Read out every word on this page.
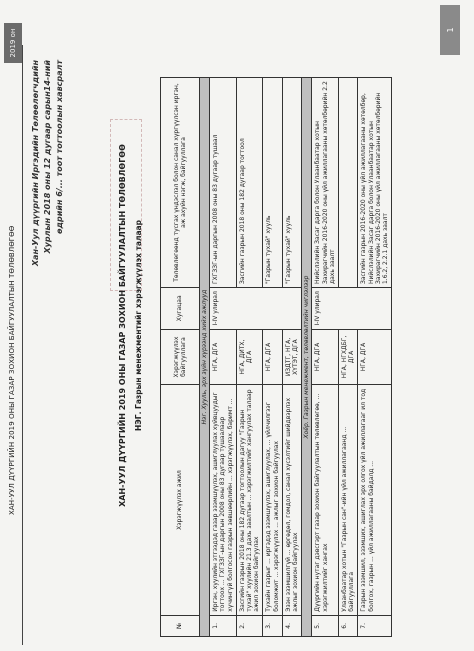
ХАН-УУЛ ДҮҮРГИЙН 2019 ОНЫ ГАЗАР ЗОХИОН БАЙГУУЛАЛТЫН ТӨЛӨВЛӨГӨӨ
2019 он
Хан-Уул дүүргийн Иргэдийн Төлөөлөгчдийн Хурлын 2018 оны 12 дугаар сарын14-ний өдрийн 6/... тоот тогтоолын хавсралт	ХАН-УУЛ ДҮҮРГИЙН 2019 ОНЫ ГАЗАР ЗОХИОН БАЙГУУЛАЛТЫН ТӨЛӨВЛӨГӨӨ НЭГ. Газрын менежментийг хэрэгжүүлэх талаар
№	Хэрэгжүүлэх ажил	Хэрэгжүүлэх байгууллага	Хугацаа	Төлөвлөгөөнд тусгах үндэслэл болон санал хүргүүлсэн иргэн, аж ахуйн нэгж, байгууллага
Нэг. Хууль, эрх зүйн хүрээнд хийх ажлууд				
1.	Иргэн, хуулийн этгээдэд газар эзэмшүүлэх, ашиглуулах хуйвцуудыг тогтоох ... ГХГЗЗГ-ын даргын 2008 оны 83 дугаар тушаалаар хүчингүй болгосон газрын зөвшөөрлийн ... хэрэгжүүлэх, баримт ...	НГА, ДГА	I-IV улирал	ГХГЗЗГ-ын даргын 2008 оны 83 дугаар тушаал
2.	Засгийн газрын 2018 оны 182 дугаар тогтоолын дагуу "Газрын тухай" хуулийн 21.3 дахь заалтын ... хэрэгжилтийг хангуулах талаар ажил зохион байгуулах	НГА, ДИТХ, ДГА		Засгийн газрын 2018 оны 182 дугаар тогтоол
3.	Тухайн газрыг ... иргэдэд эзэмшүүлэх, ашиглуулах, ... үйлчилгээг боломжит ... хэрэгжүүлэх ... ажлыг зохион байгуулах	НГА, ДГА		"Газрын тухай" хууль
4.	Эзэн эзэмшилгүй ... өргөдөл, гомдол, санал хүсэлтийг шийдвэрлэх ажлыг зохион байгуулах	ИЗДТГ, НГА, ХҮТЭТ, ДГА		"Газрын тухай" хууль
Хоёр. Газрын менежмент, төлөвлөлтийн чиглэлээр				
5.	Дүүргийн нутаг дэвсгэрт газар зохион байгуулалтын төлөвлөгөө, ... хэрэгжилтийг хангах	НГА, ДГА	I-IV улирал	Нийслэлийн Засаг дарга болон Улаанбаатар хотын Захирагчийн 2016-2020 оны үйл ажиллагааны хөтөлбөрийн 2.2 дахь заалт
6.	Улаанбаатар хотын "Газрын сан"-ийн үйл ажиллагаанд ... байгууллага	НГА, НГХДБГ, ДГА		
7.	Газрын эзэмшил, эзэмших, ашиглах эрх олгох үйл ажиллагааг ил тод болгох, газрын ... үйл ажиллагааны байдалд ...	НГА, ДГА		Засгийн газрын 2016-2020 оны үйл ажиллагааны хөтөлбөр, Нийслэлийн Засаг дарга болон Улаанбаатар хотын Захирагчийн 2016-2020 оны үйл ажиллагааны хөтөлбөрийн 1.6.2, 2.2.1 дахь заалт
1
